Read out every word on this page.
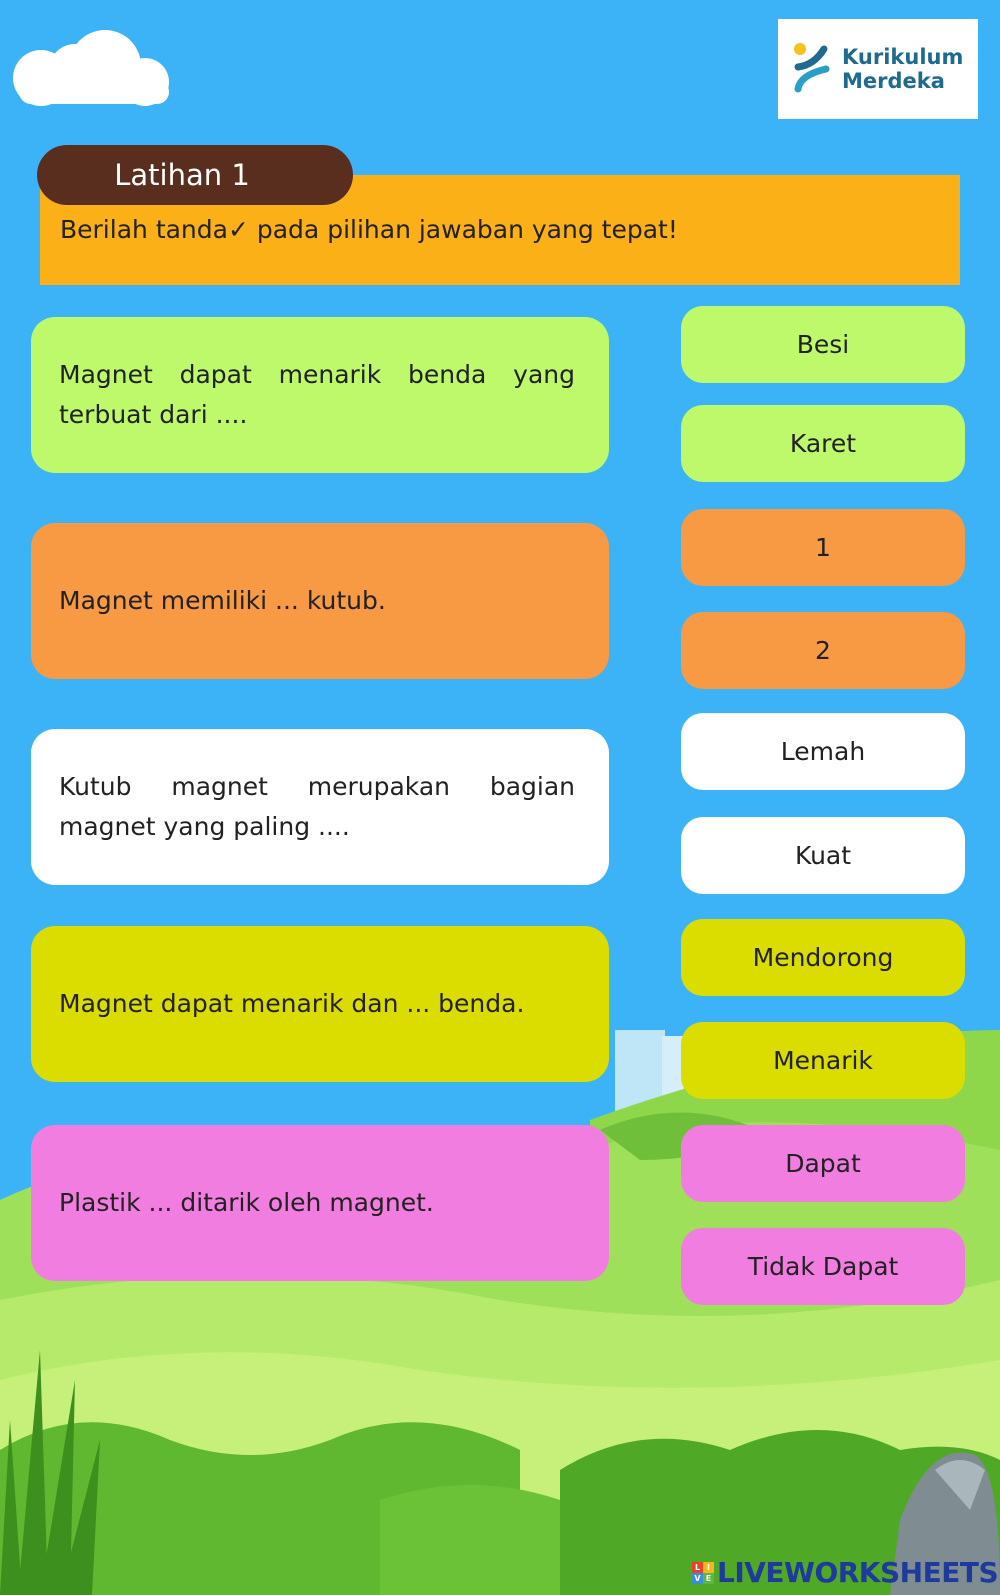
Kurikulum
Merdeka
Latihan 1
Berilah tanda✓ pada pilihan jawaban yang tepat!
Magnet dapat menarik benda yang terbuat dari ....
Besi
Karet
Magnet memiliki ... kutub.
1
2
Kutub magnet merupakan bagian magnet yang paling ....
Lemah
Kuat
Magnet dapat menarik dan ... benda.
Mendorong
Menarik
Plastik ... ditarik oleh magnet.
Dapat
Tidak Dapat
L I
V E LIVEWORKSHEETS
